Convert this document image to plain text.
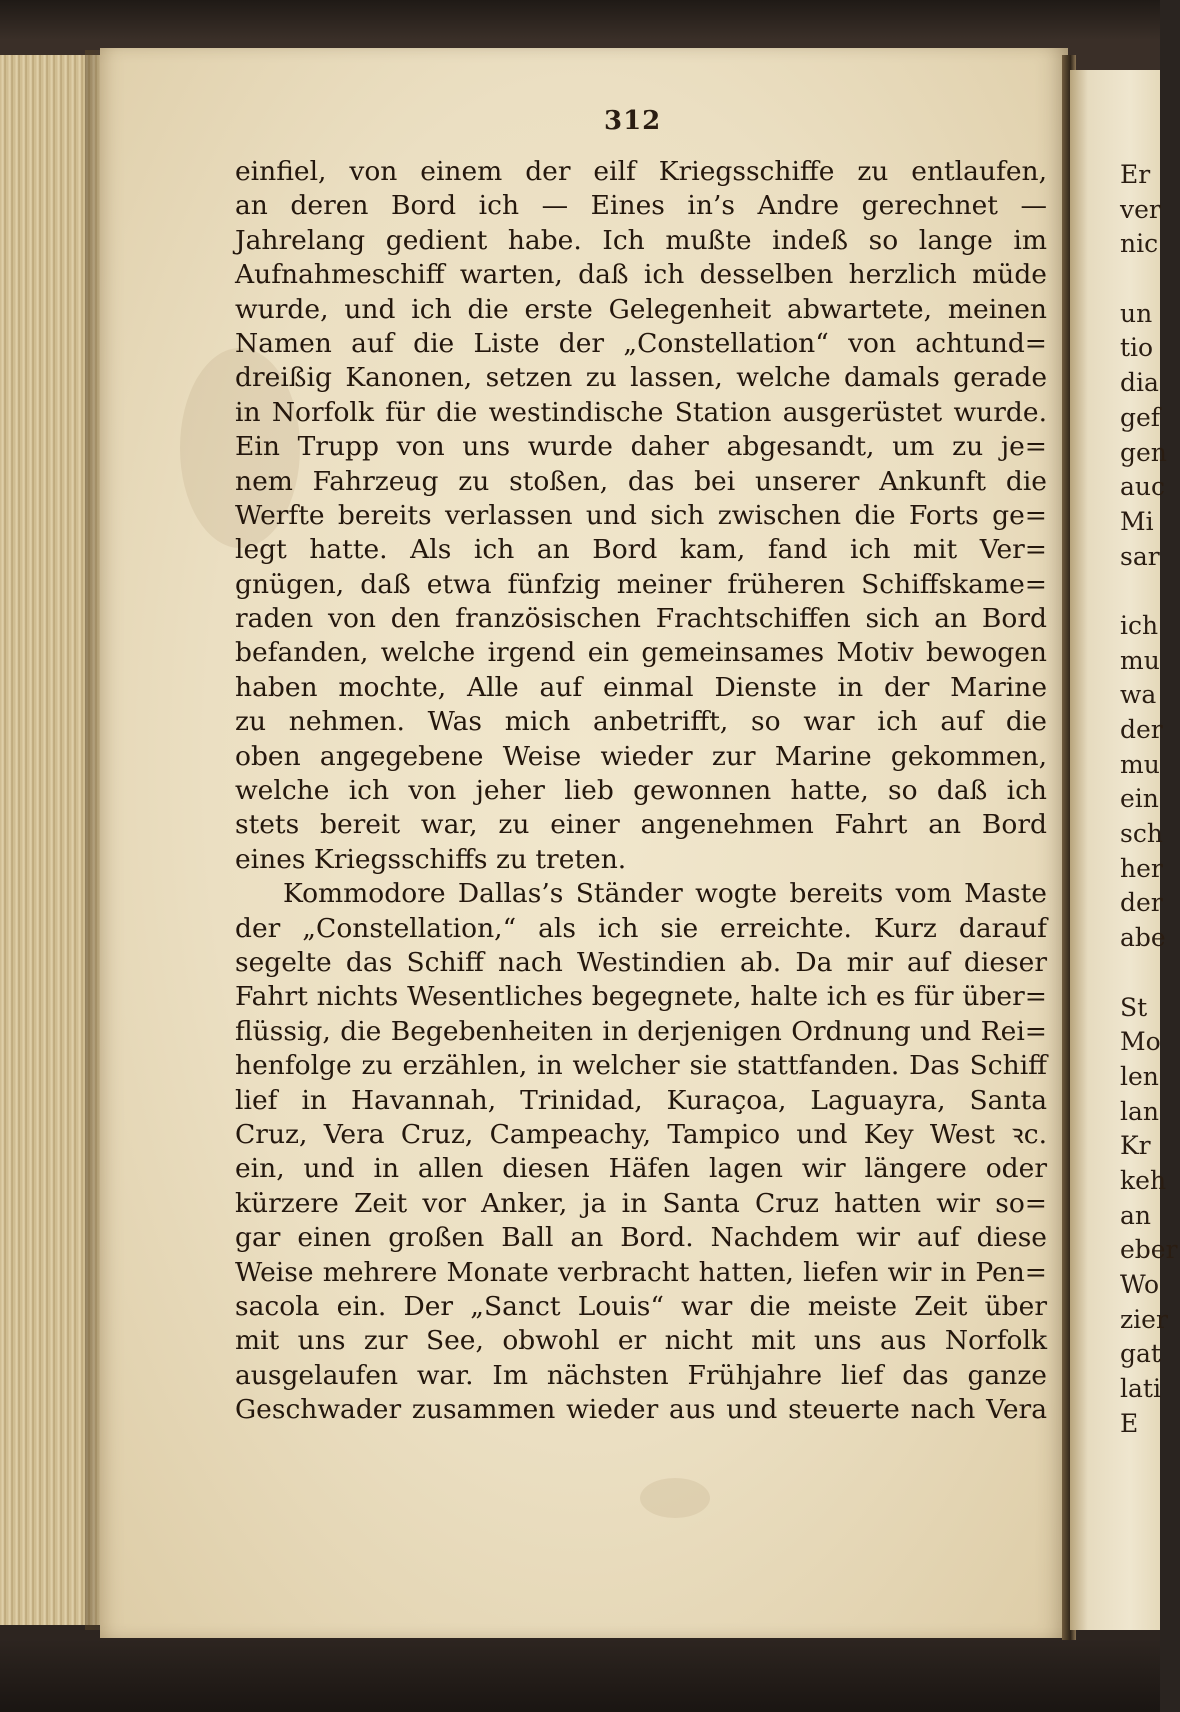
Er
ver
nic
un
tio
dia
gef
gen
auc
Mi
sar
ich
mu
wa
der
mu
ein
sch
her
der
abe
St
Mo
len
lan
Kr
keh
an
eber
Wo
zier
gat
lati
E
312
einfiel, von einem der eilf Kriegsschiffe zu entlaufen,
an deren Bord ich — Eines in’s Andre gerechnet —
Jahrelang gedient habe. Ich mußte indeß so lange im
Aufnahmeschiff warten, daß ich desselben herzlich müde
wurde, und ich die erste Gelegenheit abwartete, meinen
Namen auf die Liste der „Constellation“ von achtund=
dreißig Kanonen, setzen zu lassen, welche damals gerade
in Norfolk für die westindische Station ausgerüstet wurde.
Ein Trupp von uns wurde daher abgesandt, um zu je=
nem Fahrzeug zu stoßen, das bei unserer Ankunft die
Werfte bereits verlassen und sich zwischen die Forts ge=
legt hatte. Als ich an Bord kam, fand ich mit Ver=
gnügen, daß etwa fünfzig meiner früheren Schiffskame=
raden von den französischen Frachtschiffen sich an Bord
befanden, welche irgend ein gemeinsames Motiv bewogen
haben mochte, Alle auf einmal Dienste in der Marine
zu nehmen. Was mich anbetrifft, so war ich auf die
oben angegebene Weise wieder zur Marine gekommen,
welche ich von jeher lieb gewonnen hatte, so daß ich
stets bereit war, zu einer angenehmen Fahrt an Bord
eines Kriegsschiffs zu treten.
Kommodore Dallas’s Ständer wogte bereits vom Maste
der „Constellation,“ als ich sie erreichte. Kurz darauf
segelte das Schiff nach Westindien ab. Da mir auf dieser
Fahrt nichts Wesentliches begegnete, halte ich es für über=
flüssig, die Begebenheiten in derjenigen Ordnung und Rei=
henfolge zu erzählen, in welcher sie stattfanden. Das Schiff
lief in Havannah, Trinidad, Kuraçoa, Laguayra, Santa
Cruz, Vera Cruz, Campeachy, Tampico und Key West ꝛc.
ein, und in allen diesen Häfen lagen wir längere oder
kürzere Zeit vor Anker, ja in Santa Cruz hatten wir so=
gar einen großen Ball an Bord. Nachdem wir auf diese
Weise mehrere Monate verbracht hatten, liefen wir in Pen=
sacola ein. Der „Sanct Louis“ war die meiste Zeit über
mit uns zur See, obwohl er nicht mit uns aus Norfolk
ausgelaufen war. Im nächsten Frühjahre lief das ganze
Geschwader zusammen wieder aus und steuerte nach Vera
